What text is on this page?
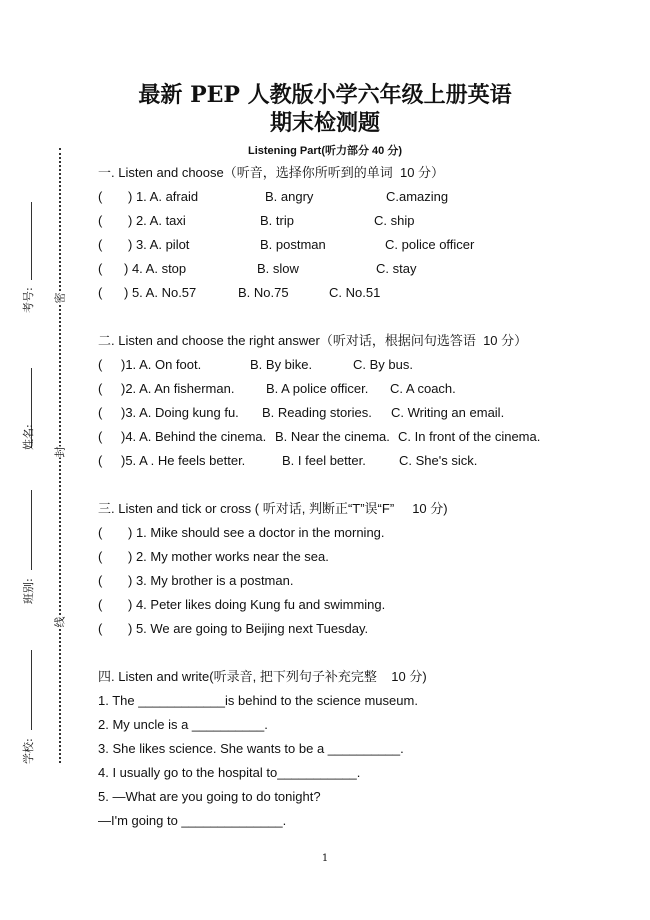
最新 PEP 人教版小学六年级上册英语
期末检测题
Listening Part(听力部分 40 分)
考号:
姓名:
班别:
学校:
密
封
线
一. Listen and choose（听音，选择你所听到的单词  10 分）
( ) 1. A. afraid	B. angry	C.amazing
( ) 2. A. taxi	B. trip	C. ship
( ) 3. A. pilot	B. postman	C. police officer
( ) 4. A. stop	B. slow	C. stay
( ) 5. A. No.57	B. No.75	C. No.51
二. Listen and choose the right answer（听对话，根据问句选答语  10 分）
( )1. A. On foot.	B. By bike.	C. By bus.
( )2. A. An fisherman. B. A police officer. C. A coach.
( )3. A. Doing kung fu. B. Reading stories. C. Writing an email.
( )4. A. Behind the cinema. B. Near the cinema. C. In front of the cinema.
( )5. A . He feels better.	B. I feel better.	C. She's sick.
三. Listen and tick or cross ( 听对话, 判断正“T”误“F”     10 分)
( ) 1. Mike should see a doctor in the morning.
( ) 2. My mother works near the sea.
( ) 3. My brother is a postman.
( ) 4. Peter likes doing Kung fu and swimming.
( ) 5. We are going to Beijing next Tuesday.
四. Listen and write(听录音, 把下列句子补充完整    10 分)
1. The ____________is behind to the science museum.
2. My uncle is a __________.
3. She likes science. She wants to be a __________.
4. I usually go to the hospital to___________.
5. —What are you going to do tonight?
—I'm going to ______________.
1
